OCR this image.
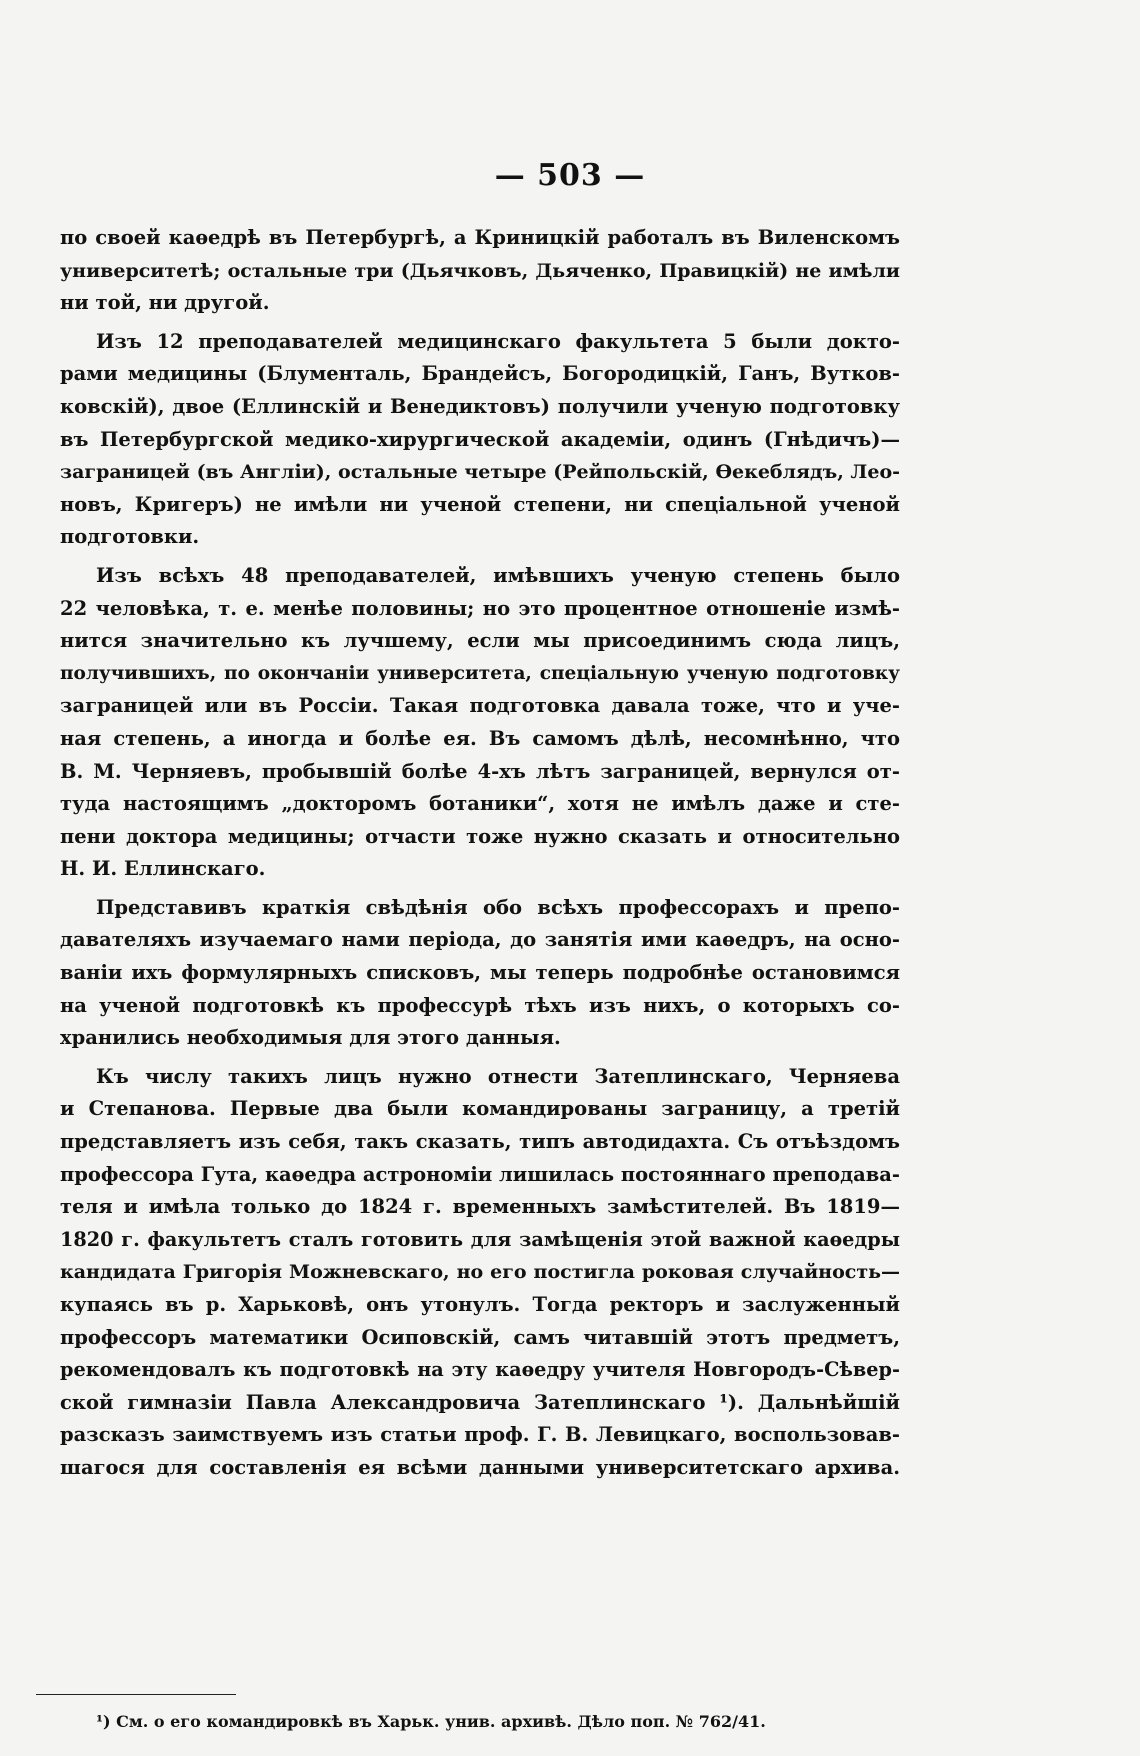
— 503 —
по своей каѳедрѣ въ Петербургѣ, а Криницкій работалъ въ Виленскомъ
университетѣ; остальные три (Дьячковъ, Дьяченко, Правицкій) не имѣли
ни той, ни другой.
Изъ 12 преподавателей медицинскаго факультета 5 были докто-
рами медицины (Блументаль, Брандейсъ, Богородицкій, Ганъ, Вутков-
ковскій), двое (Еллинскій и Венедиктовъ) получили ученую подготовку
въ Петербургской медико-хирургической академіи, одинъ (Гнѣдичъ)—
заграницей (въ Англіи), остальные четыре (Рейпольскій, Ѳекеблядъ, Лео-
новъ, Кригеръ) не имѣли ни ученой степени, ни спеціальной ученой
подготовки.
Изъ всѣхъ 48 преподавателей, имѣвшихъ ученую степень было
22 человѣка, т. е. менѣе половины; но это процентное отношеніе измѣ-
нится значительно къ лучшему, если мы присоединимъ сюда лицъ,
получившихъ, по окончаніи университета, спеціальную ученую подготовку
заграницей или въ Россіи. Такая подготовка давала тоже, что и уче-
ная степень, а иногда и болѣе ея. Въ самомъ дѣлѣ, несомнѣнно, что
В. М. Черняевъ, пробывшій болѣе 4-хъ лѣтъ заграницей, вернулся от-
туда настоящимъ „докторомъ ботаники“, хотя не имѣлъ даже и сте-
пени доктора медицины; отчасти тоже нужно сказать и относительно
Н. И. Еллинскаго.
Представивъ краткія свѣдѣнія обо всѣхъ профессорахъ и препо-
давателяхъ изучаемаго нами періода, до занятія ими каѳедръ, на осно-
ваніи ихъ формулярныхъ списковъ, мы теперь подробнѣе остановимся
на ученой подготовкѣ къ профессурѣ тѣхъ изъ нихъ, о которыхъ со-
хранились необходимыя для этого данныя.
Къ числу такихъ лицъ нужно отнести Затеплинскаго, Черняева
и Степанова. Первые два были командированы заграницу, а третій
представляетъ изъ себя, такъ сказать, типъ автодидахта. Съ отъѣздомъ
профессора Гута, каѳедра астрономіи лишилась постояннаго преподава-
теля и имѣла только до 1824 г. временныхъ замѣстителей. Въ 1819—
1820 г. факультетъ сталъ готовить для замѣщенія этой важной каѳедры
кандидата Григорія Можневскаго, но его постигла роковая случайность—
купаясь въ р. Харьковѣ, онъ утонулъ. Тогда ректоръ и заслуженный
профессоръ математики Осиповскій, самъ читавшій этотъ предметъ,
рекомендовалъ къ подготовкѣ на эту каѳедру учителя Новгородъ-Сѣвер-
ской гимназіи Павла Александровича Затеплинскаго ¹). Дальнѣйшій
разсказъ заимствуемъ изъ статьи проф. Г. В. Левицкаго, воспользовав-
шагося для составленія ея всѣми данными университетскаго архива.
¹) См. о его командировкѣ въ Харьк. унив. архивѣ. Дѣло поп. № 762/41.
